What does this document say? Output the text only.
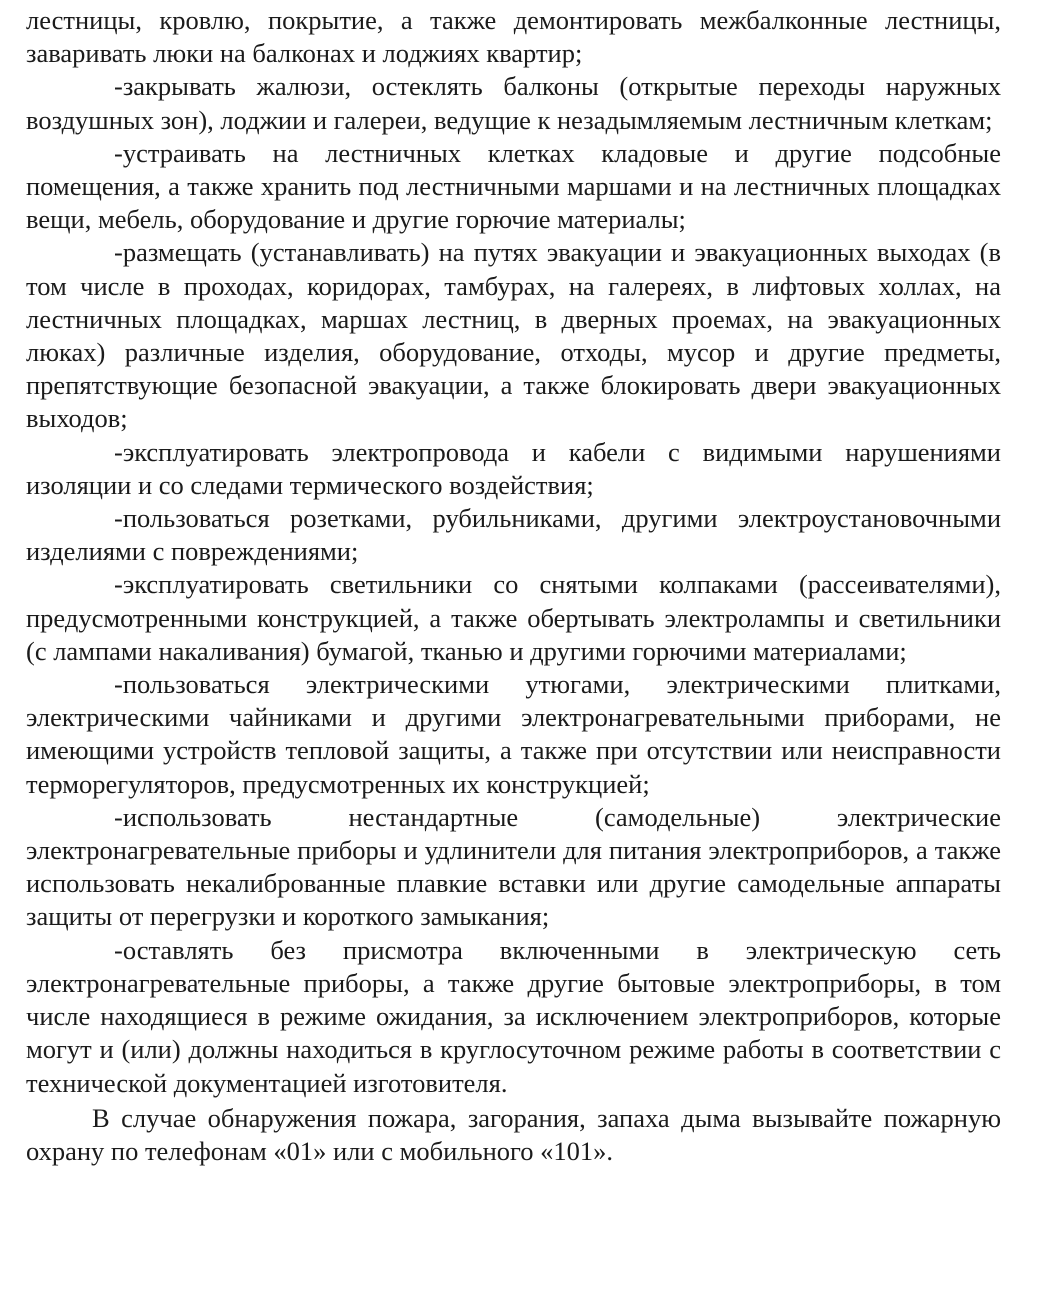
лестницы, кровлю, покрытие, а также демонтировать межбалконные лестницы, заваривать люки на балконах и лоджиях квартир;

-закрывать жалюзи, остеклять балконы (открытые переходы наружных воздушных зон), лоджии и галереи, ведущие к незадымляемым лестничным клеткам;

-устраивать на лестничных клетках кладовые и другие подсобные помещения, а также хранить под лестничными маршами и на лестничных площадках вещи, мебель, оборудование и другие горючие материалы;

-размещать (устанавливать) на путях эвакуации и эвакуационных выходах (в том числе в проходах, коридорах, тамбурах, на галереях, в лифтовых холлах, на лестничных площадках, маршах лестниц, в дверных проемах, на эвакуационных люках) различные изделия, оборудование, отходы, мусор и другие предметы, препятствующие безопасной эвакуации, а также блокировать двери эвакуационных выходов;

-эксплуатировать электропровода и кабели с видимыми нарушениями изоляции и со следами термического воздействия;

-пользоваться розетками, рубильниками, другими электроустановочными изделиями с повреждениями;

-эксплуатировать светильники со снятыми колпаками (рассеивателями), предусмотренными конструкцией, а также обертывать электролампы и светильники (с лампами накаливания) бумагой, тканью и другими горючими материалами;

-пользоваться электрическими утюгами, электрическими плитками, электрическими чайниками и другими электронагревательными приборами, не имеющими устройств тепловой защиты, а также при отсутствии или неисправности терморегуляторов, предусмотренных их конструкцией;

-использовать нестандартные (самодельные) электрические электронагревательные приборы и удлинители для питания электроприборов, а также использовать некалиброванные плавкие вставки или другие самодельные аппараты защиты от перегрузки и короткого замыкания;

-оставлять без присмотра включенными в электрическую сеть электронагревательные приборы, а также другие бытовые электроприборы, в том числе находящиеся в режиме ожидания, за исключением электроприборов, которые могут и (или) должны находиться в круглосуточном режиме работы в соответствии с технической документацией изготовителя.

В случае обнаружения пожара, загорания, запаха дыма вызывайте пожарную охрану по телефонам «01» или с мобильного «101».
